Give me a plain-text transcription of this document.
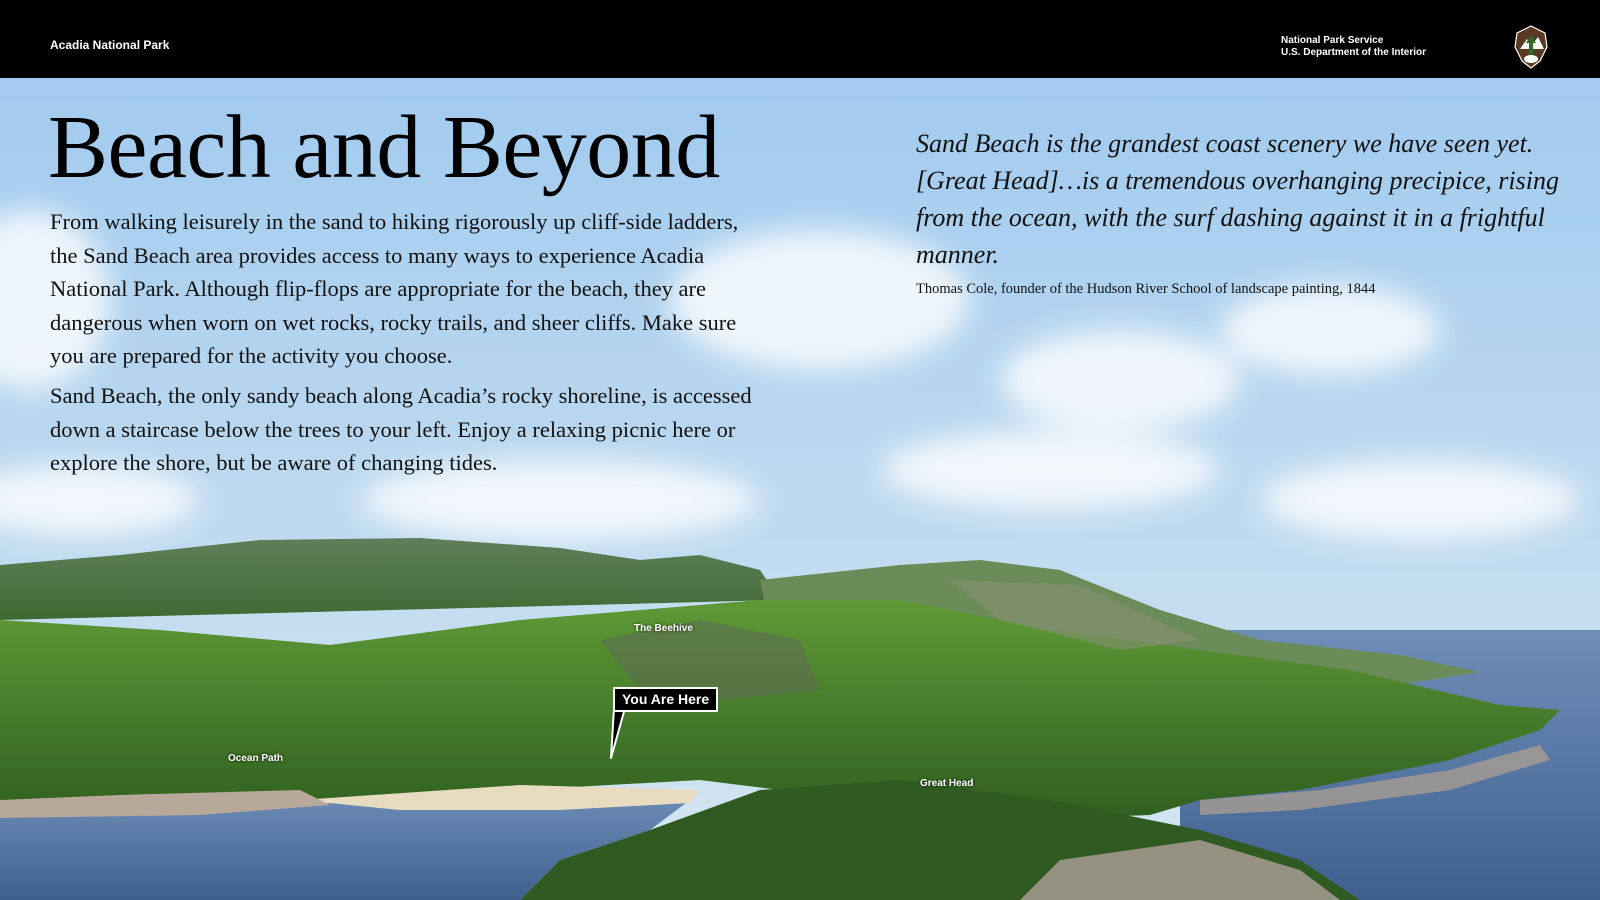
Acadia National Park	National Park Service
U.S. Department of the Interior
Beach and Beyond

From walking leisurely in the sand to hiking rigorously up cliff-side ladders, the Sand Beach area provides access to many ways to experience Acadia National Park. Although flip-flops are appropriate for the beach, they are dangerous when worn on wet rocks, rocky trails, and sheer cliffs. Make sure you are prepared for the activity you choose.

Sand Beach, the only sandy beach along Acadia’s rocky shoreline, is accessed down a staircase below the trees to your left. Enjoy a relaxing picnic here or explore the shore, but be aware of changing tides.

Sand Beach is the grandest coast scenery we have seen yet. [Great Head]…is a tremendous overhanging precipice, rising from the ocean, with the surf dashing against it in a frightful manner.
Thomas Cole, founder of the Hudson River School of landscape painting, 1844
The Beehive
Ocean Path
Great Head
You Are Here
